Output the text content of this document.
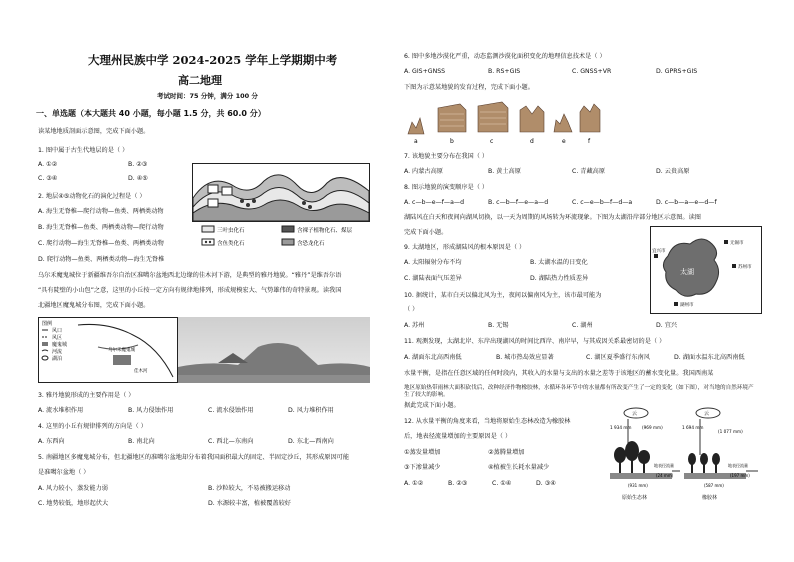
大理州民族中学 2024-2025 学年上学期期中考
高二地理
考试时间：75 分钟，满分 100 分
一、单选题（本大题共 40 小题，每小题 1.5 分，共 60.0 分）
读某地地质剖面示意图，完成下面小题。
1. 图中属于古生代地层的是（ ）
A. ①②	B. ②③
C. ③④	D. ④⑤
2. 地层④⑤动物化石的演化过程是（ ）
A. 海生无脊椎—爬行动物—鱼类、两栖类动物
B. 海生无脊椎—鱼类、两栖类动物—爬行动物
C. 爬行动物—海生无脊椎—鱼类、两栖类动物
D. 爬行动物—鱼类、两栖类动物—海生无脊椎
三叶虫化石	含裸子植物化石、煤层
含鱼类化石	含恐龙化石
乌尔禾魔鬼城位于新疆维吾尔自治区准噶尔盆地西北边缘的佳木河下游，是典型的雅丹地貌。“雅丹”是维吾尔语
“具有陡壁的小山包”之意，这里的小丘按一定方向有规律地排列，形成规模宏大、气势雄伟的奇特景观。读我国
北疆地区魔鬼城分布图，完成下面小题。
图例
风口
风区
魔鬼城
河流
湖泊
乌尔禾魔鬼城
佳木河
3. 雅丹地貌形成的主要作用是（ ）
A. 流水堆积作用	B. 风力侵蚀作用	C. 流水侵蚀作用	D. 风力堆积作用
4. 这里的小丘有规律排列的方向是（ ）
A. 东西向	B. 南北向	C. 西北—东南向	D. 东北—西南向
5. 南疆地区多魔鬼城分布，但北疆地区的准噶尔盆地却分布着我国面积最大的固定、半固定沙丘，其形成原因可能
是准噶尔盆地（ ）
A. 风力较小，蒸发能力弱	B. 沙粒较大，不易被搬运移动
C. 地势较低，地形起伏大	D. 水源较丰富，植被覆盖较好
6. 图中多地沙漠化严重，动态监测沙漠化面积变化的地理信息技术是（ ）
A. GIS+GNSS	B. RS+GIS	C. GNSS+VR	D. GPRS+GIS
下图为示意某地貌的发育过程，完成下面小题。
a	b	c	d	e	f
7. 该地貌主要分布在我国（ ）
A. 内蒙古高原	B. 黄土高原	C. 青藏高原	D. 云贵高原
8. 图示地貌的演变顺序是（ ）
A. c—b—e—f—a—d	B. c—b—f—e—a—d	C. c—e—b—f—d—a	D. c—b—a—e—d—f
湖陆风在白天和夜间向湖风切换，以一天为周期的风场转为环流现象。下图为太湖沿岸部分地区示意图。读图
完成下面小题。
太湖
无锡市
苏州市
宜兴市
湖州市
9. 太湖地区，形成湖陆风的根本原因是（ ）
A. 太阳辐射分布不均	B. 太湖水温的日变化
C. 湖陆表面气压差异	D. 湖陆热力性质差异
10. 据统计，某市白天以偏北风为主，夜间以偏南风为主，该市最可能为
（ ）
A. 苏州	B. 无锡	C. 湖州	D. 宜兴
11. 观测发现，太湖北岸、东岸出现湖风的时间比西岸、南岸早，与其成因关系最密切的是（ ）
A. 湖面东北高西南低	B. 城市热岛效应显著	C. 湖区夏季盛行东南风	D. 湖面水温东北高西南低
水量平衡，是指在任意区域的任何时段内，其收入的水量与支出的水量之差等于该地区的蓄水变化量。我国西南某
地区原始热带雨林大面积砍伐后，改种经济作物橡胶林，水循环各环节中的水量都有所改变产生了一定的变化（如下图），对当地的自然环境产生了较大的影响。
据此完成下面小题。
12. 从水量平衡的角度来看，当地将原始生态林改造为橡胶林
后，地表径流量增加的主要原因是（ ）
①蒸发量增加	②蒸腾量增加
③下渗量减少	④植被生长耗水量减少
A. ①②	B. ②③	C. ①④	D. ③④
云	云
1 934 mm	1 694 mm
(969 mm)
(1 077 mm)
地表径流量	地表径流量
(24 mm)	(197 mm)
(931 mm)	(587 mm)
原始生态林	橡胶林
